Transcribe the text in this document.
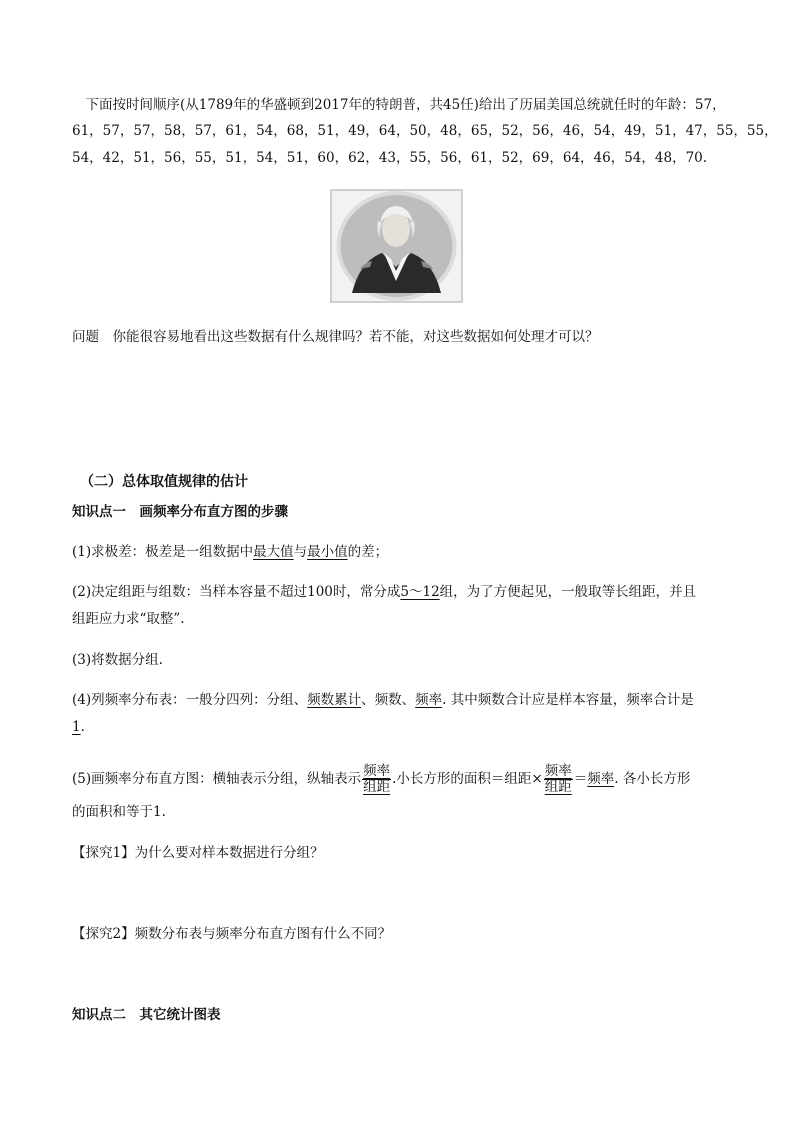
　下面按时间顺序(从1789年的华盛顿到2017年的特朗普，共45任)给出了历届美国总统就任时的年龄：57，
61，57，57，58，57，61，54，68，51，49，64，50，48，65，52，56，46，54，49，51，47，55，55，
54，42，51，56，55，51，54，51，60，62，43，55，56，61，52，69，64，46，54，48，70.
问题　你能很容易地看出这些数据有什么规律吗？若不能，对这些数据如何处理才可以？
（二）总体取值规律的估计
知识点一　画频率分布直方图的步骤
(1)求极差：极差是一组数据中最大值与最小值的差；
(2)决定组距与组数：当样本容量不超过100时，常分成5～12组，为了方便起见，一般取等长组距，并且
组距应力求“取整”.
(3)将数据分组.
(4)列频率分布表：一般分四列：分组、频数累计、频数、频率. 其中频数合计应是样本容量，频率合计是
1.
(5)画频率分布直方图：横轴表示分组，纵轴表示 $\frac{\text{频率}}{\text{组距}}$ .小长方形的面积＝组距× $\frac{\text{频率}}{\text{组距}}$ ＝频率. 各小长方形
的面积和等于1.
【探究1】为什么要对样本数据进行分组？
【探究2】频数分布表与频率分布直方图有什么不同？
知识点二　其它统计图表
